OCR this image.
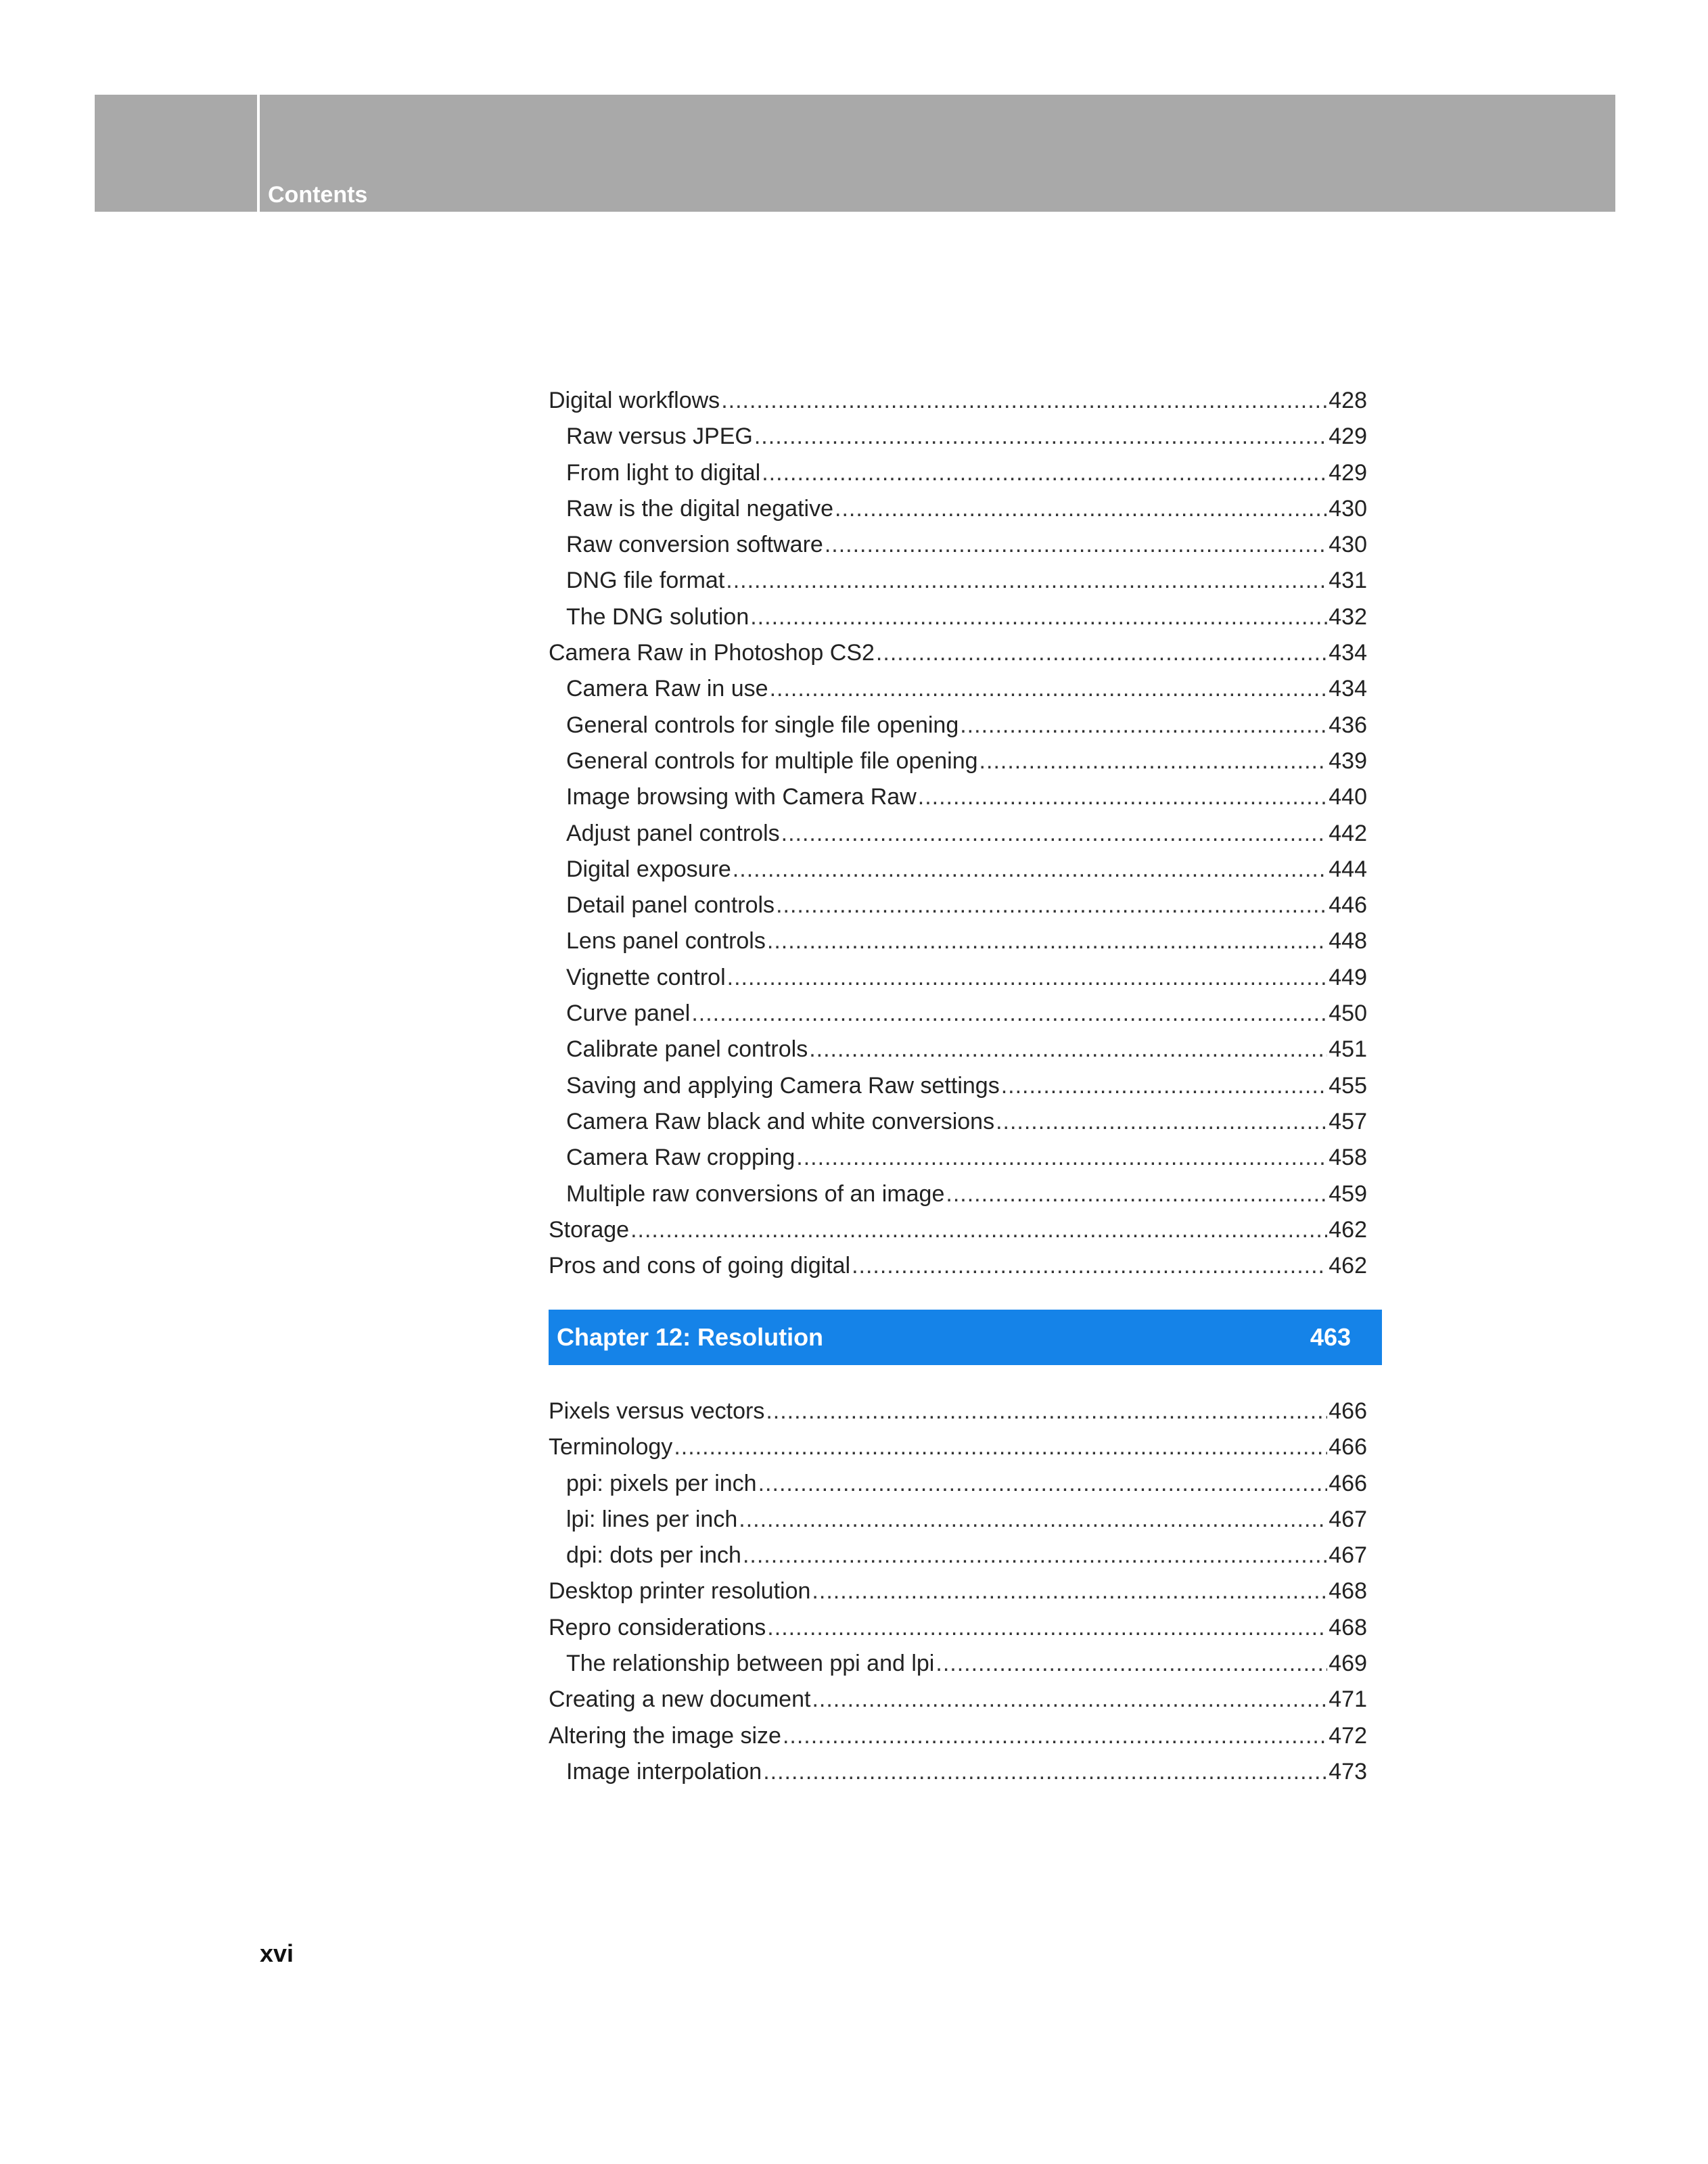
Contents
Digital workflows .....	428
Raw versus JPEG .....	429
From light to digital .....	429
Raw is the digital negative .....	430
Raw conversion software .....	430
DNG file format .....	431
The DNG solution .....	432
Camera Raw in Photoshop CS2 .....	434
Camera Raw in use .....	434
General controls for single file opening .....	436
General controls for multiple file opening .....	439
Image browsing with Camera Raw .....	440
Adjust panel controls .....	442
Digital exposure .....	444
Detail panel controls .....	446
Lens panel controls .....	448
Vignette control .....	449
Curve panel .....	450
Calibrate panel controls .....	451
Saving and applying Camera Raw settings .....	455
Camera Raw black and white conversions .....	457
Camera Raw cropping .....	458
Multiple raw conversions of an image .....	459
Storage .....	462
Pros and cons of going digital .....	462
Chapter 12: Resolution	463
Pixels versus vectors .....	466
Terminology .....	466
ppi: pixels per inch .....	466
lpi: lines per inch .....	467
dpi: dots per inch .....	467
Desktop printer resolution .....	468
Repro considerations .....	468
The relationship between ppi and lpi .....	469
Creating a new document .....	471
Altering the image size .....	472
Image interpolation .....	473
xvi
